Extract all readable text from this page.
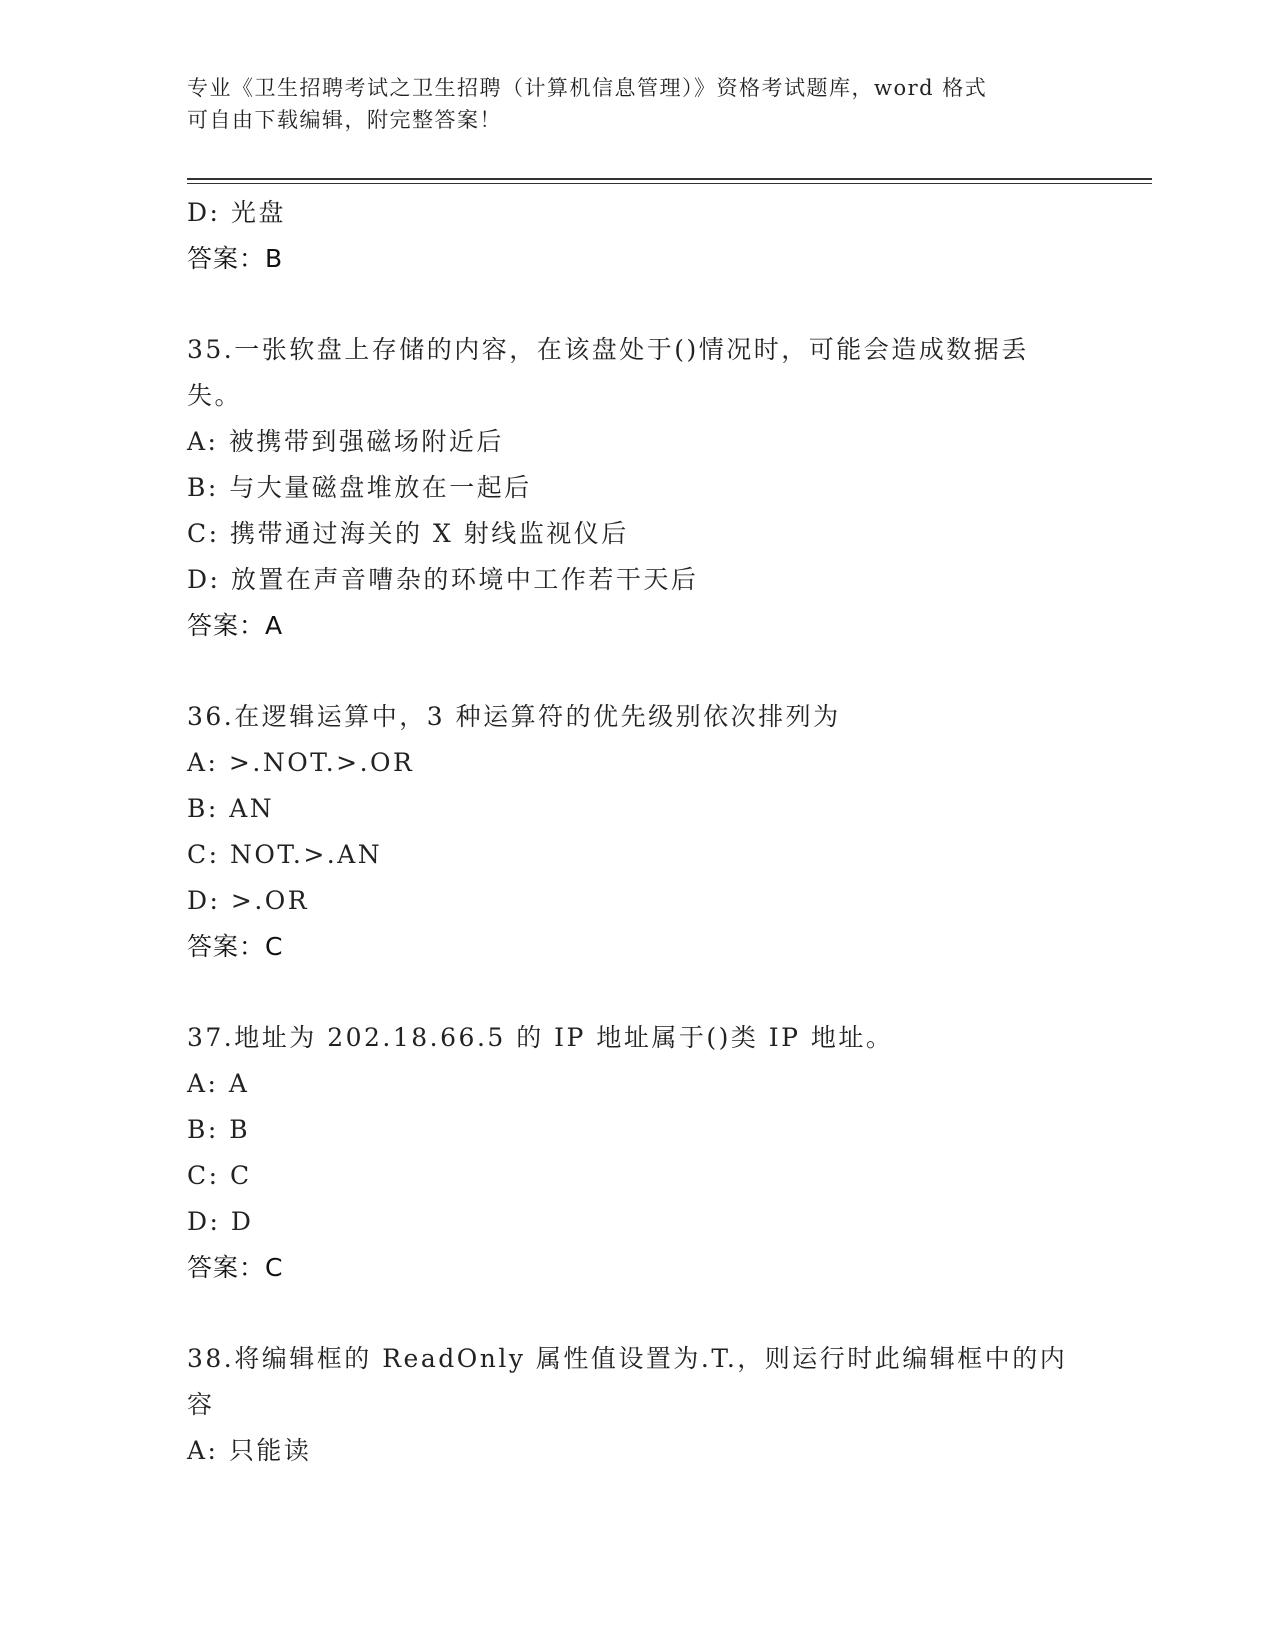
专业《卫生招聘考试之卫生招聘（计算机信息管理）》资格考试题库，word 格式
可自由下载编辑，附完整答案！
D: 光盘
答案：B
35.一张软盘上存储的内容，在该盘处于()情况时，可能会造成数据丢
失。
A: 被携带到强磁场附近后
B: 与大量磁盘堆放在一起后
C: 携带通过海关的 X 射线监视仪后
D: 放置在声音嘈杂的环境中工作若干天后
答案：A
36.在逻辑运算中，3 种运算符的优先级别依次排列为
A: >.NOT.>.OR
B: AN
C: NOT.>.AN
D: >.OR
答案：C
37.地址为 202.18.66.5 的 IP 地址属于()类 IP 地址。
A: A
B: B
C: C
D: D
答案：C
38.将编辑框的 ReadOnly 属性值设置为.T.，则运行时此编辑框中的内
容
A: 只能读
